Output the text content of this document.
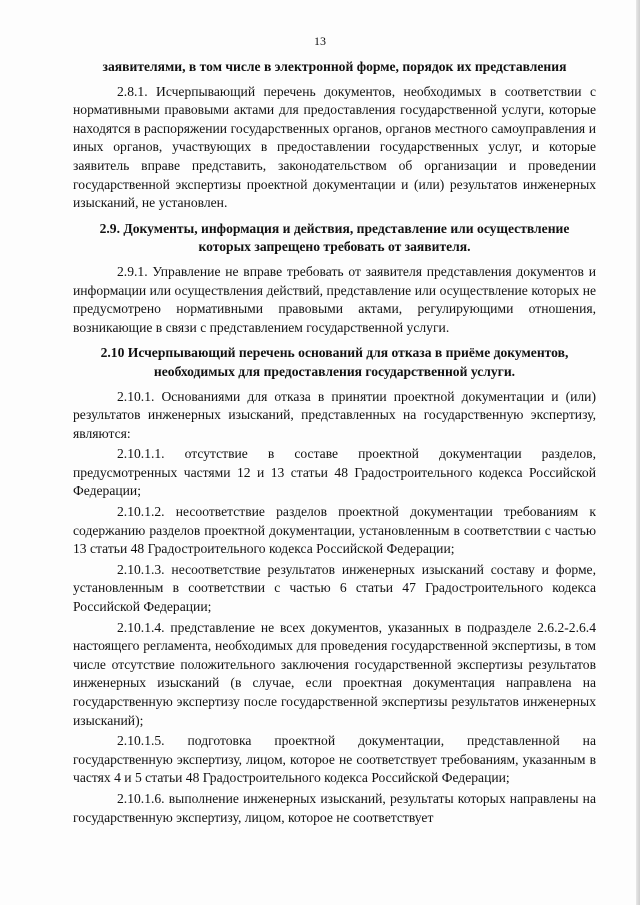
13

заявителями, в том числе в электронной форме, порядок их представления

2.8.1. Исчерпывающий перечень документов, необходимых в соответствии с нормативными правовыми актами для предоставления государственной услуги, которые находятся в распоряжении государственных органов, органов местного самоуправления и иных органов, участвующих в предоставлении государственных услуг, и которые заявитель вправе представить, законодательством об организации и проведении государственной экспертизы проектной документации и (или) результатов инженерных изысканий, не установлен.

2.9. Документы, информация и действия, представление или осуществление которых запрещено требовать от заявителя.

2.9.1. Управление не вправе требовать от заявителя представления документов и информации или осуществления действий, представление или осуществление которых не предусмотрено нормативными правовыми актами, регулирующими отношения, возникающие в связи с представлением государственной услуги.

2.10 Исчерпывающий перечень оснований для отказа в приёме документов, необходимых для предоставления государственной услуги.

2.10.1. Основаниями для отказа в принятии проектной документации и (или) результатов инженерных изысканий, представленных на государственную экспертизу, являются:

2.10.1.1. отсутствие в составе проектной документации разделов, предусмотренных частями 12 и 13 статьи 48 Градостроительного кодекса Российской Федерации;

2.10.1.2. несоответствие разделов проектной документации требованиям к содержанию разделов проектной документации, установленным в соответствии с частью 13 статьи 48 Градостроительного кодекса Российской Федерации;

2.10.1.3. несоответствие результатов инженерных изысканий составу и форме, установленным в соответствии с частью 6 статьи 47 Градостроительного кодекса Российской Федерации;

2.10.1.4. представление не всех документов, указанных в подразделе 2.6.2-2.6.4 настоящего регламента, необходимых для проведения государственной экспертизы, в том числе отсутствие положительного заключения государственной экспертизы результатов инженерных изысканий (в случае, если проектная документация направлена на государственную экспертизу после государственной экспертизы результатов инженерных изысканий);

2.10.1.5. подготовка проектной документации, представленной на государственную экспертизу, лицом, которое не соответствует требованиям, указанным в частях 4 и 5 статьи 48 Градостроительного кодекса Российской Федерации;

2.10.1.6. выполнение инженерных изысканий, результаты которых направлены на государственную экспертизу, лицом, которое не соответствует
